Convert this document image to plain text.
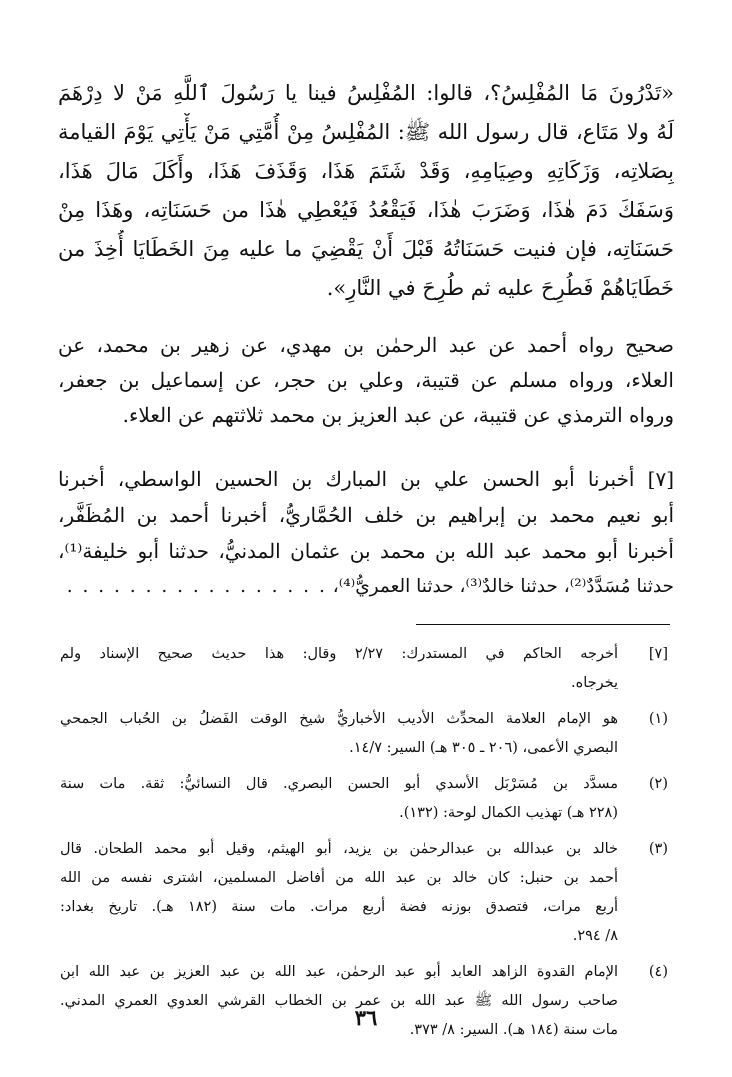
«تَدْرُونَ مَا المُفْلِسُ؟، قالوا: المُفْلِسُ فينا يا رَسُولَ ٱللَّهِ مَنْ لا دِرْهَمَ
لَهُ ولا مَتَاع، قال رسول الله ﷺ: المُفْلِسُ مِنْ أُمَّتِي مَنْ يَأْتِي يَوْمَ القيامة
بِصَلاتِه، وَزَكَاتِهِ وصِيَامِهِ، وَقَدْ شَتَمَ هَذَا، وَقَذَفَ هَذَا، وأَكَلَ مَالَ هَذَا،
وَسَفَكَ دَمَ هٰذَا، وَضَرَبَ هٰذَا، فَيَقْعُدُ فَيُعْطِي هٰذَا من حَسَنَاتِه، وهَذَا مِنْ
حَسَنَاتِه، فإن فنيت حَسَنَاتُهُ قَبْلَ أَنْ يَقْضِيَ ما عليه مِنَ الخَطَايَا أُخِذَ من
خَطَايَاهُمْ فَطُرِحَ عليه ثم طُرِحَ في النَّارِ».
صحيح رواه أحمد عن عبد الرحمٰن بن مهدي، عن زهير بن محمد، عن
العلاء، ورواه مسلم عن قتيبة، وعلي بن حجر، عن إسماعيل بن جعفر،
ورواه الترمذي عن قتيبة، عن عبد العزيز بن محمد ثلاثتهم عن العلاء.
[٧] أخبرنا أبو الحسن علي بن المبارك بن الحسين الواسطي، أخبرنا
أبو نعيم محمد بن إبراهيم بن خلف الحُمَّاريُّ، أخبرنا أحمد بن المُظَفَّر،
أخبرنا أبو محمد عبد الله بن محمد بن عثمان المدنيُّ، حدثنا أبو خليفة⁽¹⁾،
حدثنا مُسَدَّدٌ⁽²⁾، حدثنا خالدٌ⁽³⁾، حدثنا العمريُّ⁽⁴⁾، . . . . . . . . . . . . . . . . .
[٧]
أخرجه الحاكم في المستدرك: ٢/٢٧ وقال: هذا حديث صحيح الإسناد ولم
يخرجاه.
(١)
هو الإمام العلامة المحدِّث الأديب الأخباريُّ شيخ الوقت الفَضلُ بن الحُباب الجمحي
البصري الأعمى، (٢٠٦ ـ ٣٠٥ هـ) السير: ١٤/٧.
(٢)
مسدَّد بن مُسَرْبَل الأسدي أبو الحسن البصري. قال النسائيُّ: ثقة. مات سنة
(٢٢٨ هـ) تهذيب الكمال لوحة: (١٣٢).
(٣)
خالد بن عبدالله بن عبدالرحمٰن بن يزيد، أبو الهيثم، وقيل أبو محمد الطحان. قال
أحمد بن حنبل: كان خالد بن عبد الله من أفاضل المسلمين، اشترى نفسه من الله
أربع مرات، فتصدق بوزنه فضة أربع مرات. مات سنة (١٨٢ هـ). تاريخ بغداد:
٨/ ٢٩٤.
(٤)
الإمام القدوة الزاهد العابد أبو عبد الرحمٰن، عبد الله بن عبد العزيز بن عبد الله ابن
صاحب رسول الله ﷺ عبد الله بن عمر بن الخطاب القرشي العدوي العمري المدني.
مات سنة (١٨٤ هـ). السير: ٨/ ٣٧٣.
٣٦
